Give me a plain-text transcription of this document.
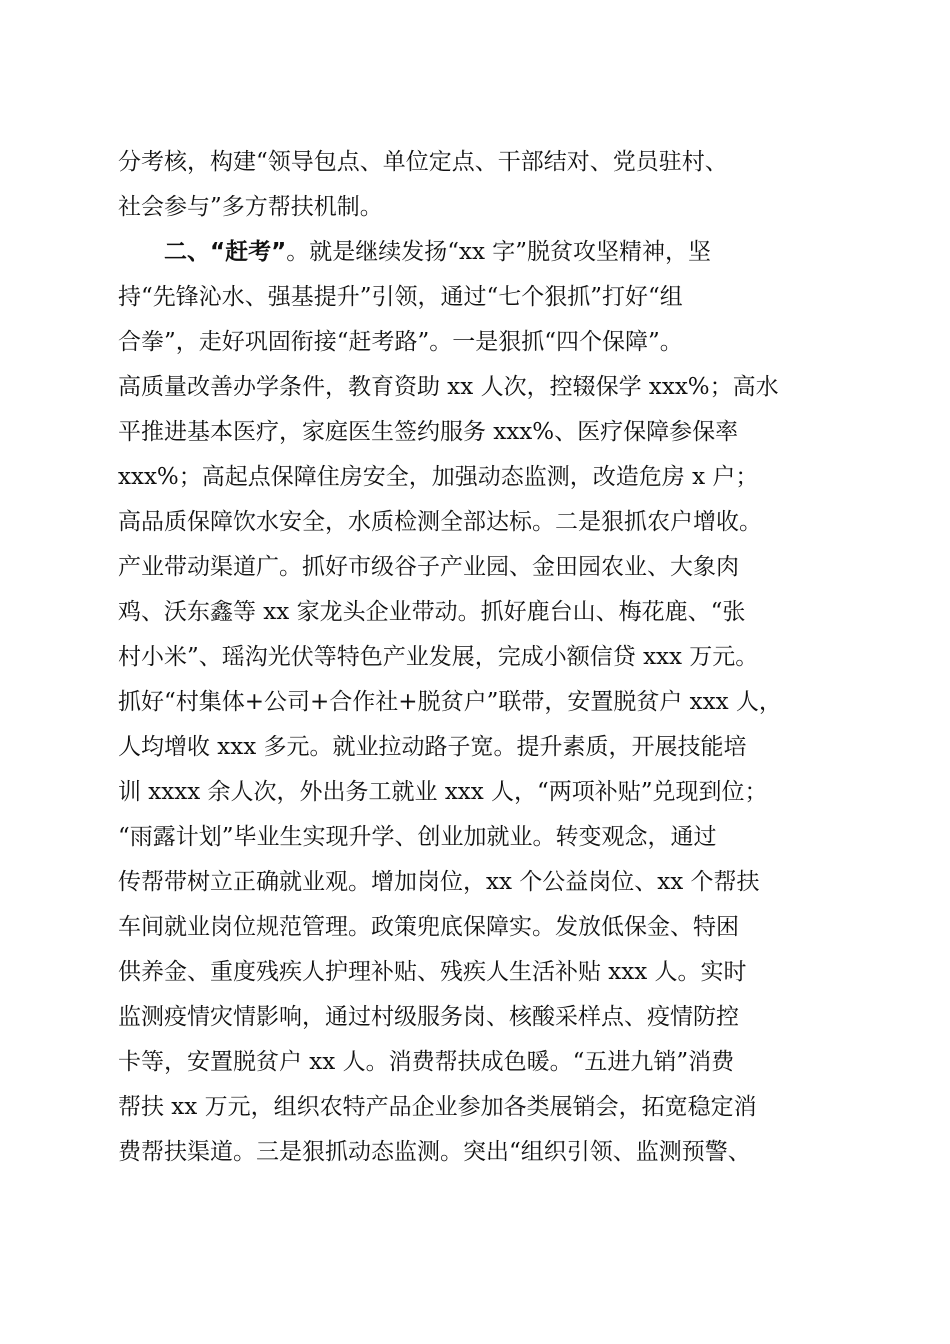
分考核，构建“领导包点、单位定点、干部结对、党员驻村、
社会参与”多方帮扶机制。
二、“赶考”。就是继续发扬“xx 字”脱贫攻坚精神，坚
持“先锋沁水、强基提升”引领，通过“七个狠抓”打好“组
合拳”，走好巩固衔接“赶考路”。一是狠抓“四个保障”。
高质量改善办学条件，教育资助 xx 人次，控辍保学 xxx%；高水
平推进基本医疗，家庭医生签约服务 xxx%、医疗保障参保率
xxx%；高起点保障住房安全，加强动态监测，改造危房 x 户；
高品质保障饮水安全，水质检测全部达标。二是狠抓农户增收。
产业带动渠道广。抓好市级谷子产业园、金田园农业、大象肉
鸡、沃东鑫等 xx 家龙头企业带动。抓好鹿台山、梅花鹿、“张
村小米”、瑶沟光伏等特色产业发展，完成小额信贷 xxx 万元。
抓好“村集体+公司+合作社+脱贫户”联带，安置脱贫户 xxx 人，
人均增收 xxx 多元。就业拉动路子宽。提升素质，开展技能培
训 xxxx 余人次，外出务工就业 xxx 人，“两项补贴”兑现到位；
“雨露计划”毕业生实现升学、创业加就业。转变观念，通过
传帮带树立正确就业观。增加岗位，xx 个公益岗位、xx 个帮扶
车间就业岗位规范管理。政策兜底保障实。发放低保金、特困
供养金、重度残疾人护理补贴、残疾人生活补贴 xxx 人。实时
监测疫情灾情影响，通过村级服务岗、核酸采样点、疫情防控
卡等，安置脱贫户 xx 人。消费帮扶成色暖。“五进九销”消费
帮扶 xx 万元，组织农特产品企业参加各类展销会，拓宽稳定消
费帮扶渠道。三是狠抓动态监测。突出“组织引领、监测预警、
